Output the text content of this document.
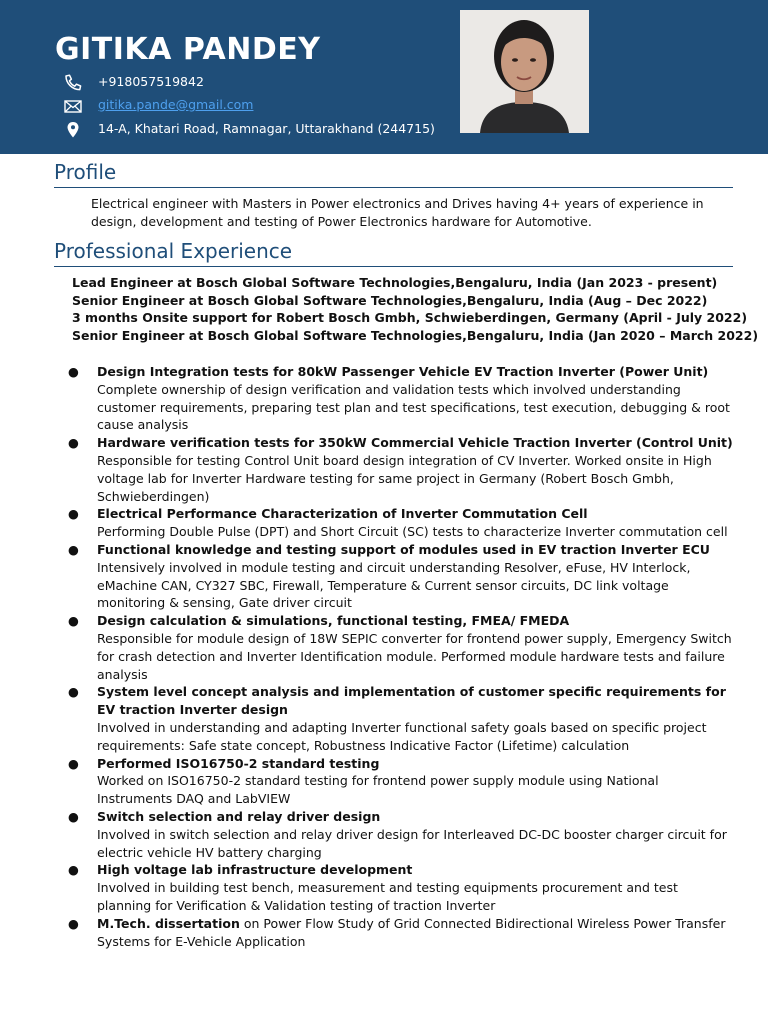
GITIKA PANDEY
+918057519842
gitika.pande@gmail.com
14-A, Khatari Road, Ramnagar, Uttarakhand (244715)
Profile

Electrical engineer with Masters in Power electronics and Drives having 4+ years of experience in design, development and testing of Power Electronics hardware for Automotive.

Professional Experience
Lead Engineer at Bosch Global Software Technologies,Bengaluru, India (Jan 2023 - present)
Senior Engineer at Bosch Global Software Technologies,Bengaluru, India (Aug – Dec 2022)
3 months Onsite support for Robert Bosch Gmbh, Schwieberdingen, Germany (April - July 2022)
Senior Engineer at Bosch Global Software Technologies,Bengaluru, India (Jan 2020 – March 2022)
● Design Integration tests for 80kW Passenger Vehicle EV Traction Inverter (Power Unit)
Complete ownership of design verification and validation tests which involved understanding customer requirements, preparing test plan and test specifications, test execution, debugging & root cause analysis
● Hardware verification tests for 350kW Commercial Vehicle Traction Inverter (Control Unit)
Responsible for testing Control Unit board design integration of CV Inverter. Worked onsite in High voltage lab for Inverter Hardware testing for same project in Germany (Robert Bosch Gmbh, Schwieberdingen)
● Electrical Performance Characterization of Inverter Commutation Cell
Performing Double Pulse (DPT) and Short Circuit (SC) tests to characterize Inverter commutation cell
● Functional knowledge and testing support of modules used in EV traction Inverter ECU
Intensively involved in module testing and circuit understanding Resolver, eFuse, HV Interlock, eMachine CAN, CY327 SBC, Firewall, Temperature & Current sensor circuits, DC link voltage monitoring & sensing, Gate driver circuit
● Design calculation & simulations, functional testing, FMEA/ FMEDA
Responsible for module design of 18W SEPIC converter for frontend power supply, Emergency Switch for crash detection and Inverter Identification module. Performed module hardware tests and failure analysis
● System level concept analysis and implementation of customer specific requirements for EV traction Inverter design
Involved in understanding and adapting Inverter functional safety goals based on specific project requirements: Safe state concept, Robustness Indicative Factor (Lifetime) calculation
● Performed ISO16750-2 standard testing
Worked on ISO16750-2 standard testing for frontend power supply module using National Instruments DAQ and LabVIEW
● Switch selection and relay driver design
Involved in switch selection and relay driver design for Interleaved DC-DC booster charger circuit for electric vehicle HV battery charging
● High voltage lab infrastructure development
Involved in building test bench, measurement and testing equipments procurement and test planning for Verification & Validation testing of traction Inverter
● M.Tech. dissertation on Power Flow Study of Grid Connected Bidirectional Wireless Power Transfer Systems for E-Vehicle Application
